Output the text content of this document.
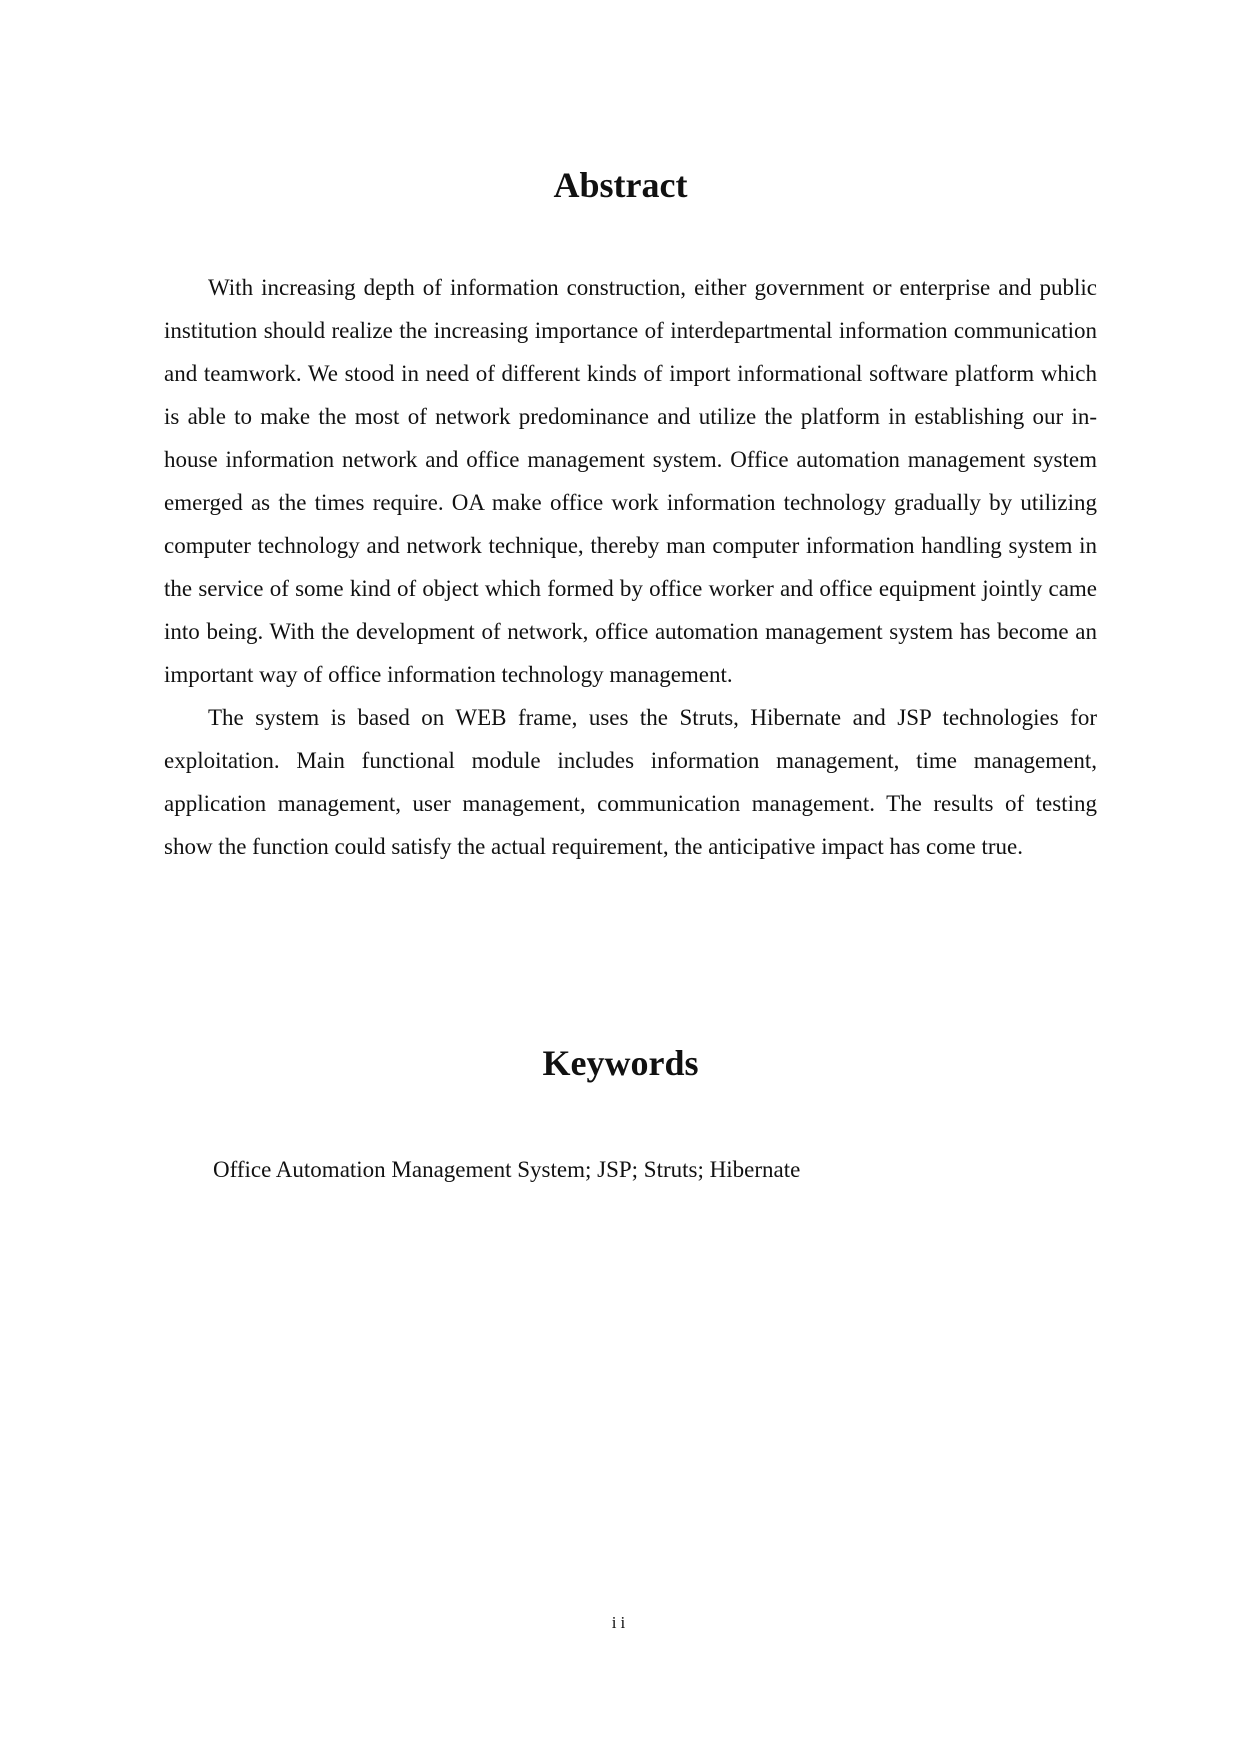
Abstract

With increasing depth of information construction, either government or enterprise and public institution should realize the increasing importance of interdepartmental information communication and teamwork. We stood in need of different kinds of import informational software platform which is able to make the most of network predominance and utilize the platform in establishing our in-house information network and office management system. Office automation management system emerged as the times require. OA make office work information technology gradually by utilizing computer technology and network technique, thereby man computer information handling system in the service of some kind of object which formed by office worker and office equipment jointly came into being. With the development of network, office automation management system has become an important way of office information technology management.

The system is based on WEB frame, uses the Struts, Hibernate and JSP technologies for exploitation. Main functional module includes information management, time management, application management, user management, communication management. The results of testing show the function could satisfy the actual requirement, the anticipative impact has come true.

Keywords
Office Automation Management System; JSP; Struts; Hibernate
ii
